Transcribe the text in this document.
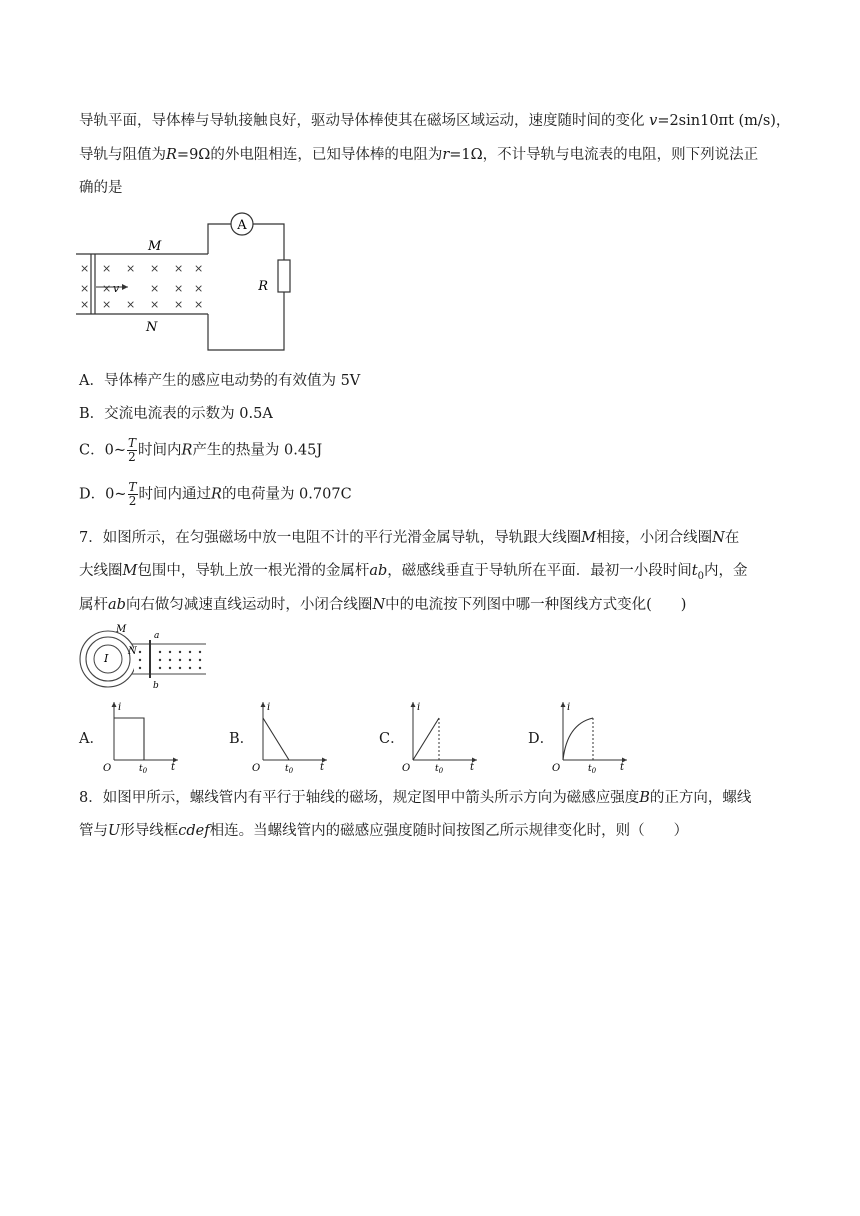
导轨平面，导体棒与导轨接触良好，驱动导体棒使其在磁场区域运动，速度随时间的变化 v=2sin10πt (m/s)，
导轨与阻值为R=9Ω的外电阻相连，已知导体棒的电阻为r=1Ω，不计导轨与电流表的电阻，则下列说法正
确的是
A
R
M
N
×
×
×
× × × × ×
×	× × ×
× × × × ×
v
A．导体棒产生的感应电动势的有效值为 5V
B．交流电流表的示数为 0.5A
C．0~ $\frac{T}{2}$ 时间内R产生的热量为 0.45J
D．0~ $\frac{T}{2}$ 时间内通过R的电荷量为 0.707C
7．如图所示，在匀强磁场中放一电阻不计的平行光滑金属导轨，导轨跟大线圈M相接，小闭合线圈N在
大线圈M包围中，导轨上放一根光滑的金属杆ab，磁感线垂直于导轨所在平面．最初一小段时间$t_0$内，金
属杆ab向右做匀减速直线运动时，小闭合线圈N中的电流按下列图中哪一种图线方式变化(　　)
M
N
I
a
b
A．	B．	C．	D．
i
O	$t_0$ t
i
O	$t_0$	t
i
O	$t_0$	t
i
O	$t_0$ t
8．如图甲所示，螺线管内有平行于轴线的磁场，规定图甲中箭头所示方向为磁感应强度B的正方向，螺线
管与U形导线框cdef相连。当螺线管内的磁感应强度随时间按图乙所示规律变化时，则（　　）
